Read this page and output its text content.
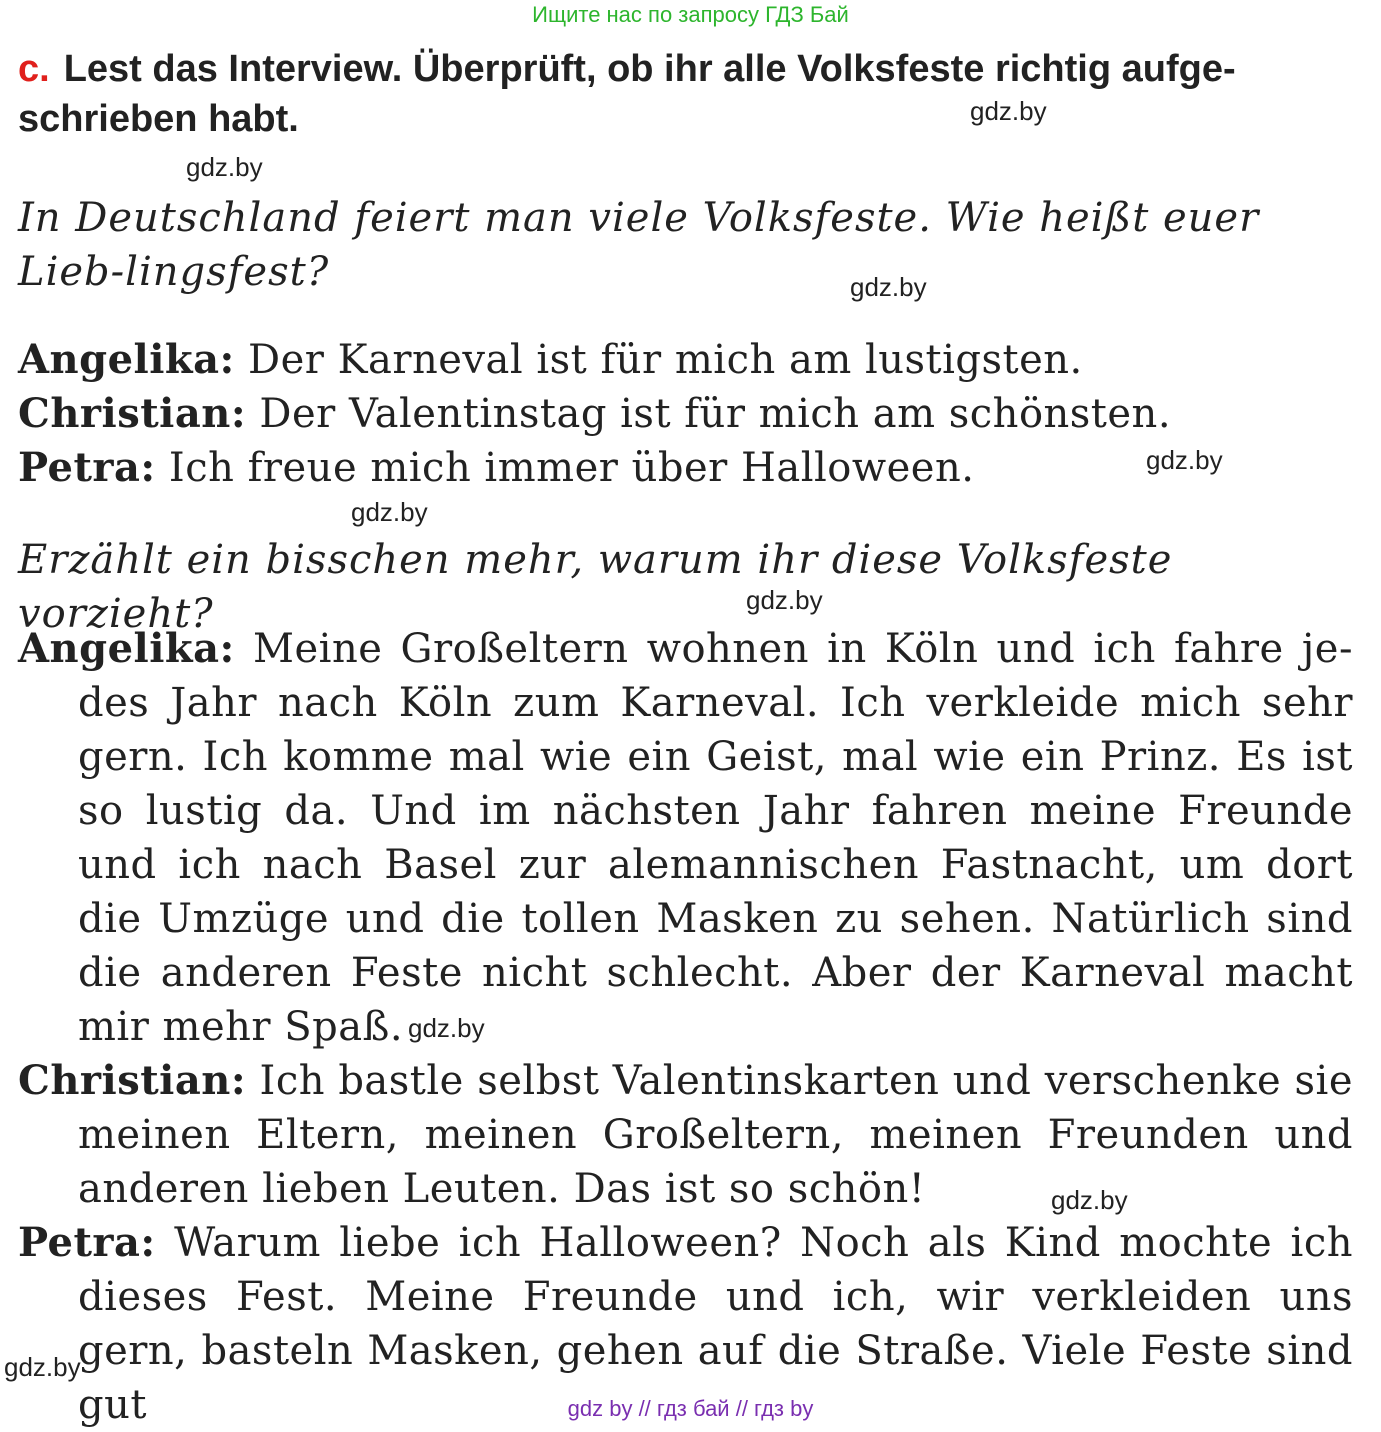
Ищите нас по запросу ГДЗ Бай
c. Lest das Interview. Überprüft, ob ihr alle Volksfeste richtig aufge-schrieben habt.
In Deutschland feiert man viele Volksfeste. Wie heißt euer Lieb-lingsfest?
Angelika: Der Karneval ist für mich am lustigsten.
Christian: Der Valentinstag ist für mich am schönsten.
Petra: Ich freue mich immer über Halloween.
Erzählt ein bisschen mehr, warum ihr diese Volksfeste vorzieht?

Angelika: Meine Großeltern wohnen in Köln und ich fahre je-des Jahr nach Köln zum Karneval. Ich verkleide mich sehr gern. Ich komme mal wie ein Geist, mal wie ein Prinz. Es ist so lustig da. Und im nächsten Jahr fahren meine Freunde und ich nach Basel zur alemannischen Fastnacht, um dort die Umzüge und die tollen Masken zu sehen. Natürlich sind die anderen Feste nicht schlecht. Aber der Karneval macht mir mehr Spaß.

Christian: Ich bastle selbst Valentinskarten und verschenke sie meinen Eltern, meinen Großeltern, meinen Freunden und anderen lieben Leuten. Das ist so schön!

Petra: Warum liebe ich Halloween? Noch als Kind mochte ich dieses Fest. Meine Freunde und ich, wir verkleiden uns gern, basteln Masken, gehen auf die Straße. Viele Feste sind gut

gdz.by
gdz.by
gdz.by
gdz.by
gdz.by
gdz.by
gdz.by
gdz.by
gdz.by
gdz by // гдз бай // гдз by
